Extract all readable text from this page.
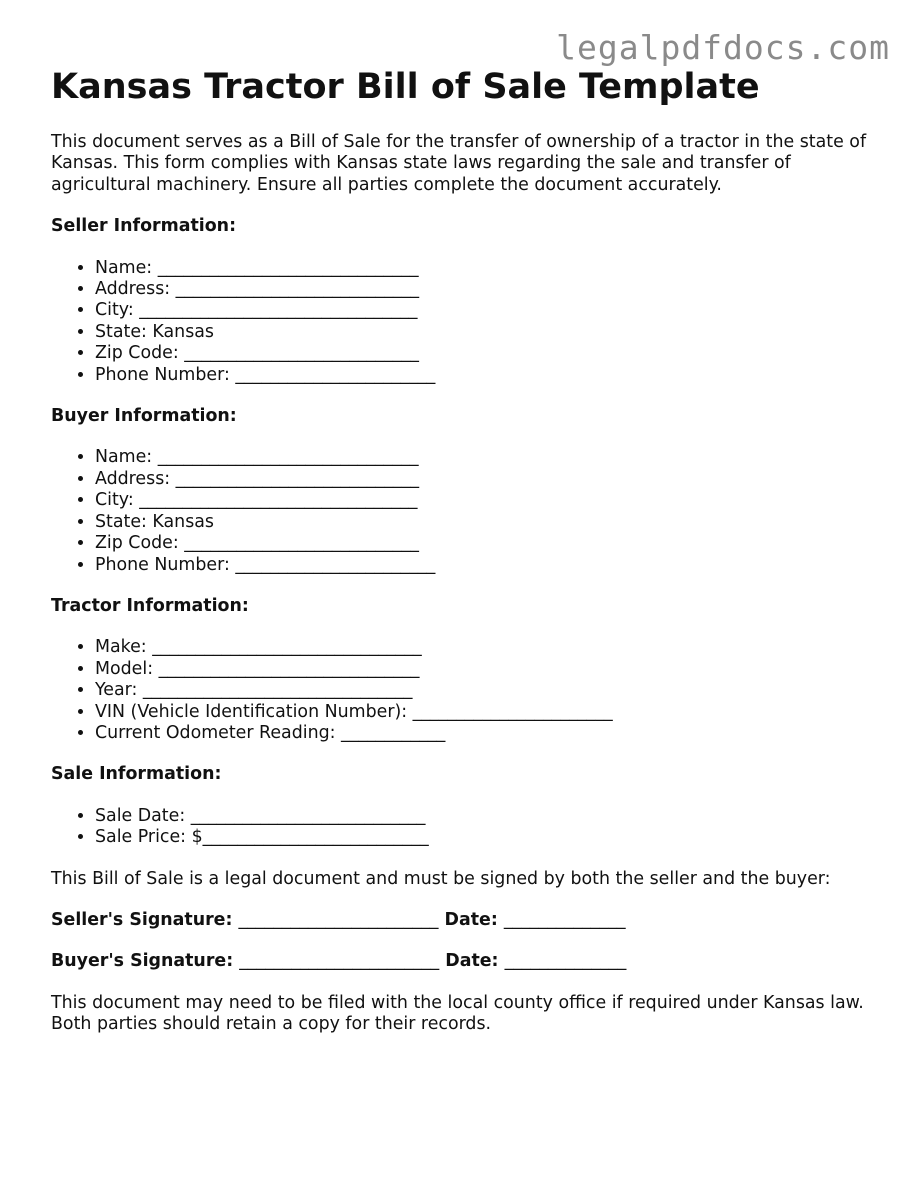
legalpdfdocs.com
Kansas Tractor Bill of Sale Template

This document serves as a Bill of Sale for the transfer of ownership of a tractor in the state of Kansas. This form complies with Kansas state laws regarding the sale and transfer of agricultural machinery. Ensure all parties complete the document accurately.

Seller Information:
• Name: ______________________________
• Address: ____________________________
• City: ________________________________
• State: Kansas
• Zip Code: ___________________________
• Phone Number: _______________________
Buyer Information:
• Name: ______________________________
• Address: ____________________________
• City: ________________________________
• State: Kansas
• Zip Code: ___________________________
• Phone Number: _______________________
Tractor Information:
• Make: _______________________________
• Model: ______________________________
• Year: _______________________________
• VIN (Vehicle Identification Number): _______________________
• Current Odometer Reading: ____________
Sale Information:
• Sale Date: ___________________________
• Sale Price: $__________________________

This Bill of Sale is a legal document and must be signed by both the seller and the buyer:

Seller's Signature: _______________________ Date: ______________
Buyer's Signature: _______________________ Date: ______________

This document may need to be filed with the local county office if required under Kansas law. Both parties should retain a copy for their records.
